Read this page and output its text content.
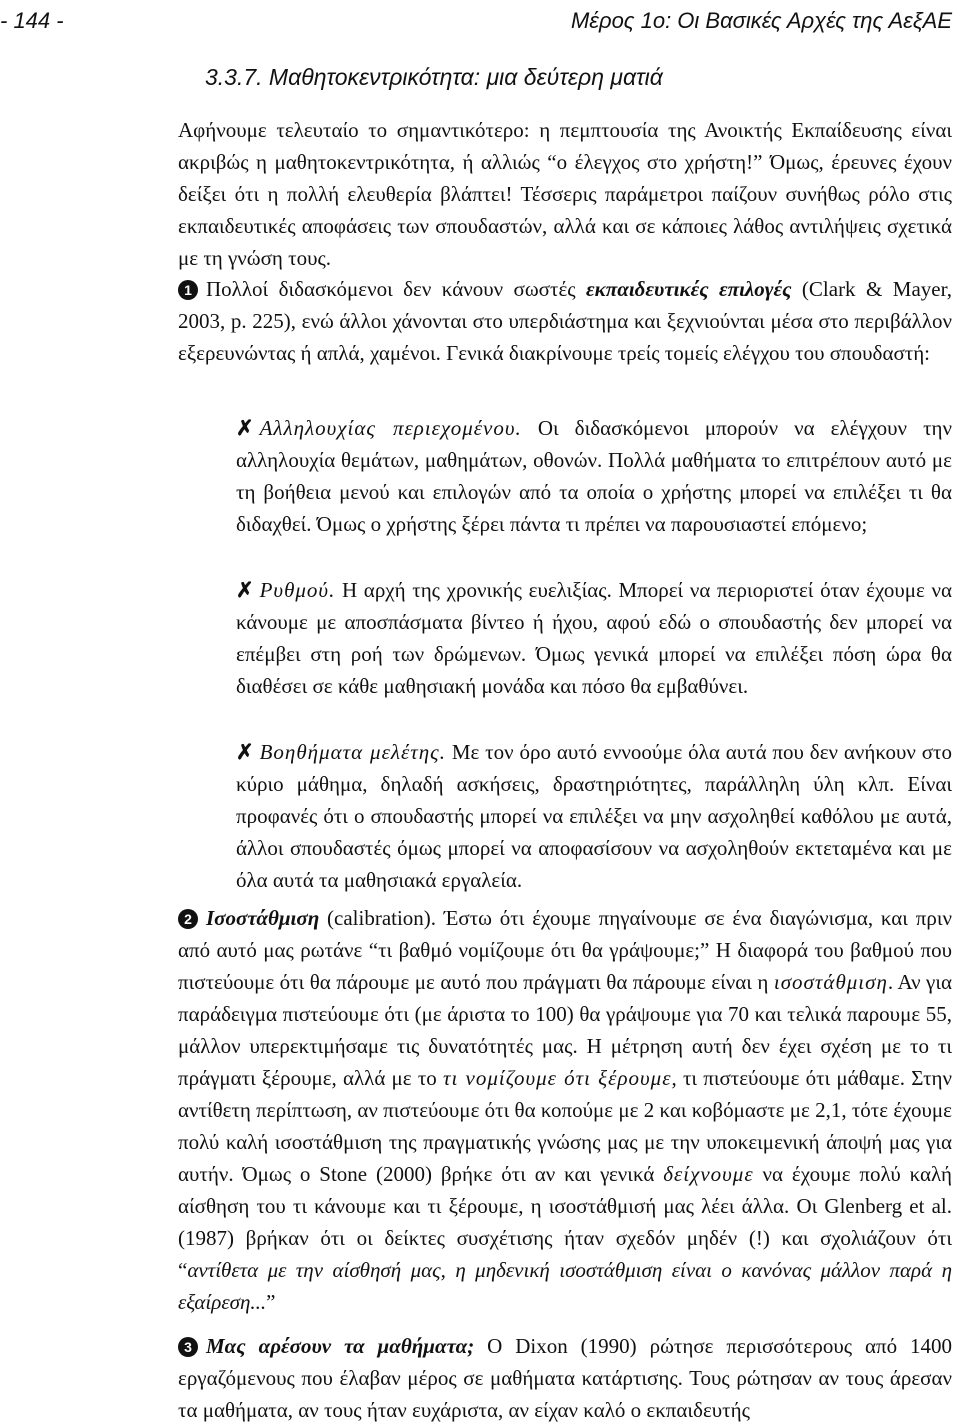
- 144 -	Μέρος 1ο: Οι Βασικές Αρχές της ΑεξΑΕ
3.3.7. Μαθητοκεντρικότητα: μια δεύτερη ματιά
Αφήνουμε τελευταίο το σημαντικότερο: η πεμπτουσία της Ανοικτής Εκπαίδευσης είναι ακριβώς η μαθητοκεντρικότητα, ή αλλιώς “ο έλεγχος στο χρήστη!” Όμως, έρευνες έχουν δείξει ότι η πολλή ελευθερία βλάπτει! Τέσσερις παράμετροι παίζουν συνήθως ρόλο στις εκπαιδευτικές αποφάσεις των σπουδαστών, αλλά και σε κάποιες λάθος αντιλήψεις σχετικά με τη γνώση τους.
1 Πολλοί διδασκόμενοι δεν κάνουν σωστές εκπαιδευτικές επιλογές (Clark & Mayer, 2003, p. 225), ενώ άλλοι χάνονται στο υπερδιάστημα και ξεχνιούνται μέσα στο περιβάλλον εξερευνώντας ή απλά, χαμένοι. Γενικά διακρίνουμε τρείς τομείς ελέγχου του σπουδαστή:
✗ Αλληλουχίας περιεχομένου. Οι διδασκόμενοι μπορούν να ελέγχουν την αλληλουχία θεμάτων, μαθημάτων, οθονών. Πολλά μαθήματα το επιτρέπουν αυτό με τη βοήθεια μενού και επιλογών από τα οποία ο χρήστης μπορεί να επιλέξει τι θα διδαχθεί. Όμως ο χρήστης ξέρει πάντα τι πρέπει να παρουσιαστεί επόμενο;
✗ Ρυθμού. Η αρχή της χρονικής ευελιξίας. Μπορεί να περιοριστεί όταν έχουμε να κάνουμε με αποσπάσματα βίντεο ή ήχου, αφού εδώ ο σπουδαστής δεν μπορεί να επέμβει στη ροή των δρώμενων. Όμως γενικά μπορεί να επιλέξει πόση ώρα θα διαθέσει σε κάθε μαθησιακή μονάδα και πόσο θα εμβαθύνει.
✗ Βοηθήματα μελέτης. Με τον όρο αυτό εννοούμε όλα αυτά που δεν ανήκουν στο κύριο μάθημα, δηλαδή ασκήσεις, δραστηριότητες, παράλληλη ύλη κλπ. Είναι προφανές ότι ο σπουδαστής μπορεί να επιλέξει να μην ασχοληθεί καθόλου με αυτά, άλλοι σπουδαστές όμως μπορεί να αποφασίσουν να ασχοληθούν εκτεταμένα και με όλα αυτά τα μαθησιακά εργαλεία.
2 Ισοστάθμιση (calibration). Έστω ότι έχουμε πηγαίνουμε σε ένα διαγώνισμα, και πριν από αυτό μας ρωτάνε “τι βαθμό νομίζουμε ότι θα γράψουμε;” Η διαφορά του βαθμού που πιστεύουμε ότι θα πάρουμε με αυτό που πράγματι θα πάρουμε είναι η ισοστάθμιση. Αν για παράδειγμα πιστεύουμε ότι (με άριστα το 100) θα γράψουμε για 70 και τελικά παρουμε 55, μάλλον υπερεκτιμήσαμε τις δυνατότητές μας. Η μέτρηση αυτή δεν έχει σχέση με το τι πράγματι ξέρουμε, αλλά με το τι νομίζουμε ότι ξέρουμε, τι πιστεύουμε ότι μάθαμε. Στην αντίθετη περίπτωση, αν πιστεύουμε ότι θα κοπούμε με 2 και κοβόμαστε με 2,1, τότε έχουμε πολύ καλή ισοστάθμιση της πραγματικής γνώσης μας με την υποκειμενική άποψή μας για αυτήν. Όμως ο Stone (2000) βρήκε ότι αν και γενικά δείχνουμε να έχουμε πολύ καλή αίσθηση του τι κάνουμε και τι ξέρουμε, η ισοστάθμισή μας λέει άλλα. Οι Glenberg et al. (1987) βρήκαν ότι οι δείκτες συσχέτισης ήταν σχεδόν μηδέν (!) και σχολιάζουν ότι “αντίθετα με την αίσθησή μας, η μηδενική ισοστάθμιση είναι ο κανόνας μάλλον παρά η εξαίρεση...”
3 Μας αρέσουν τα μαθήματα; Ο Dixon (1990) ρώτησε περισσότερους από 1400 εργαζόμενους που έλαβαν μέρος σε μαθήματα κατάρτισης. Τους ρώτησαν αν τους άρεσαν τα μαθήματα, αν τους ήταν ευχάριστα, αν είχαν καλό ο εκπαιδευτής
